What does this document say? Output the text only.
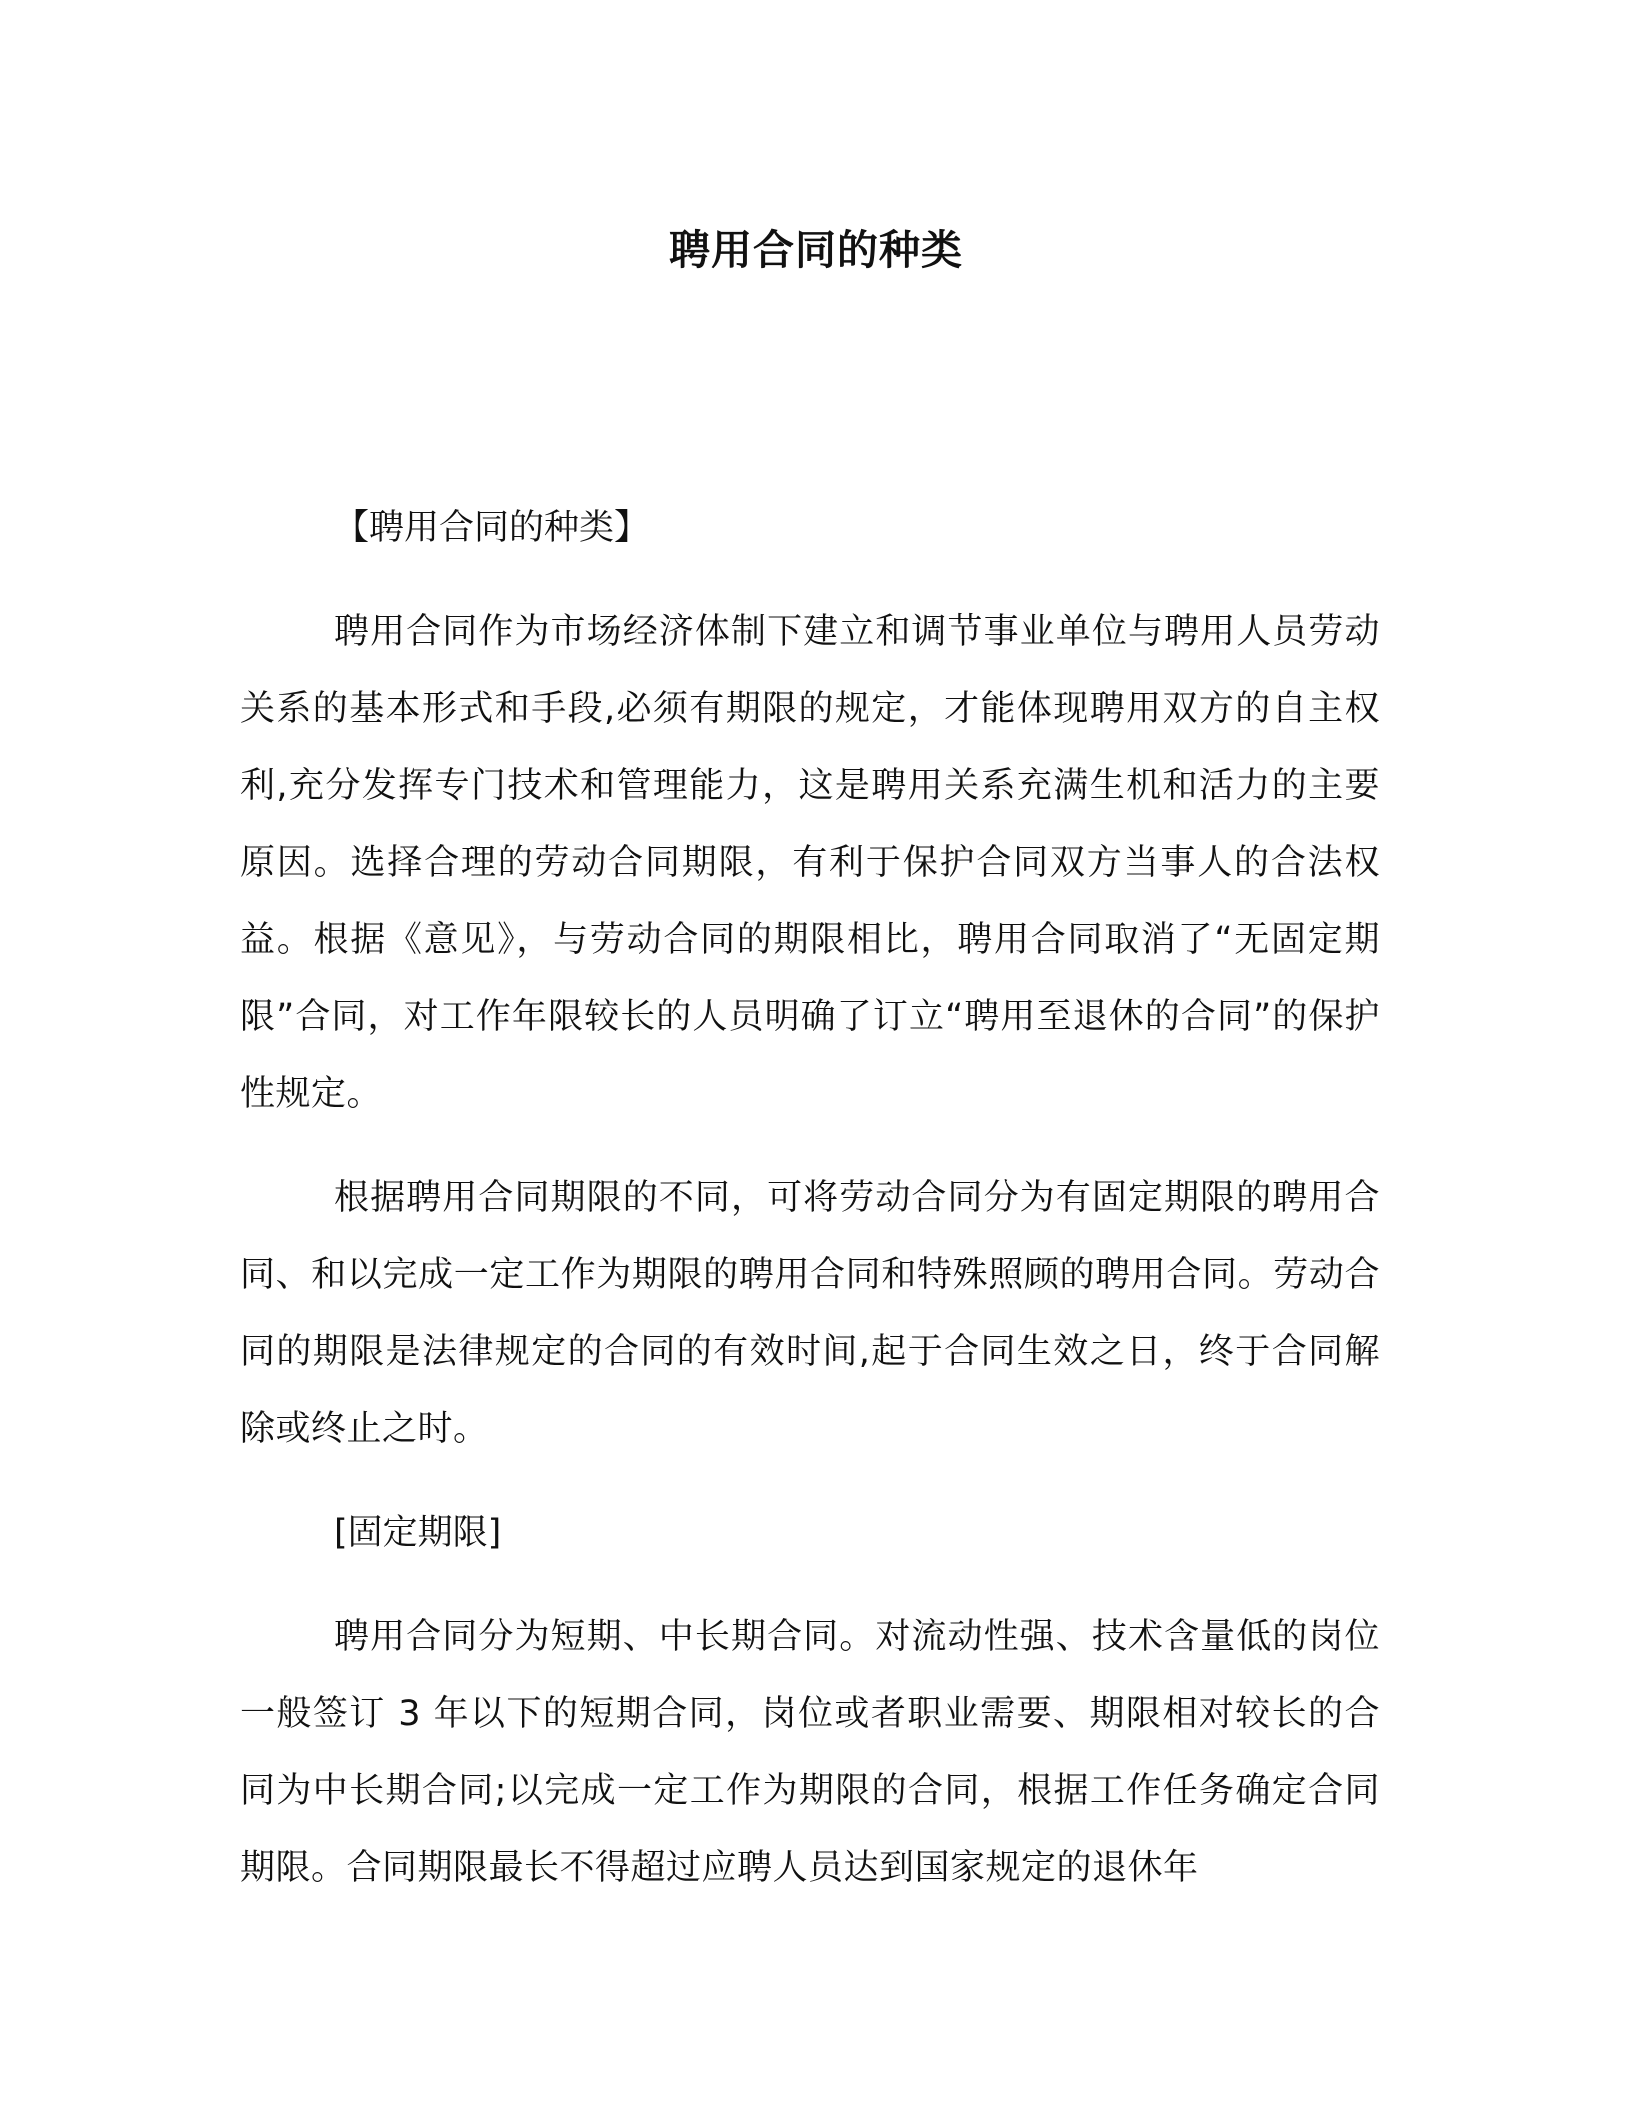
聘用合同的种类

【聘用合同的种类】

聘用合同作为市场经济体制下建立和调节事业单位与聘用人员劳动关系的基本形式和手段,必须有期限的规定，才能体现聘用双方的自主权利,充分发挥专门技术和管理能力，这是聘用关系充满生机和活力的主要原因。选择合理的劳动合同期限，有利于保护合同双方当事人的合法权益。根据《意见》，与劳动合同的期限相比，聘用合同取消了“无固定期限”合同，对工作年限较长的人员明确了订立“聘用至退休的合同”的保护性规定。

根据聘用合同期限的不同，可将劳动合同分为有固定期限的聘用合同、和以完成一定工作为期限的聘用合同和特殊照顾的聘用合同。劳动合同的期限是法律规定的合同的有效时间,起于合同生效之日，终于合同解除或终止之时。

[固定期限]

聘用合同分为短期、中长期合同。对流动性强、技术含量低的岗位一般签订 3 年以下的短期合同，岗位或者职业需要、期限相对较长的合同为中长期合同;以完成一定工作为期限的合同，根据工作任务确定合同期限。合同期限最长不得超过应聘人员达到国家规定的退休年
